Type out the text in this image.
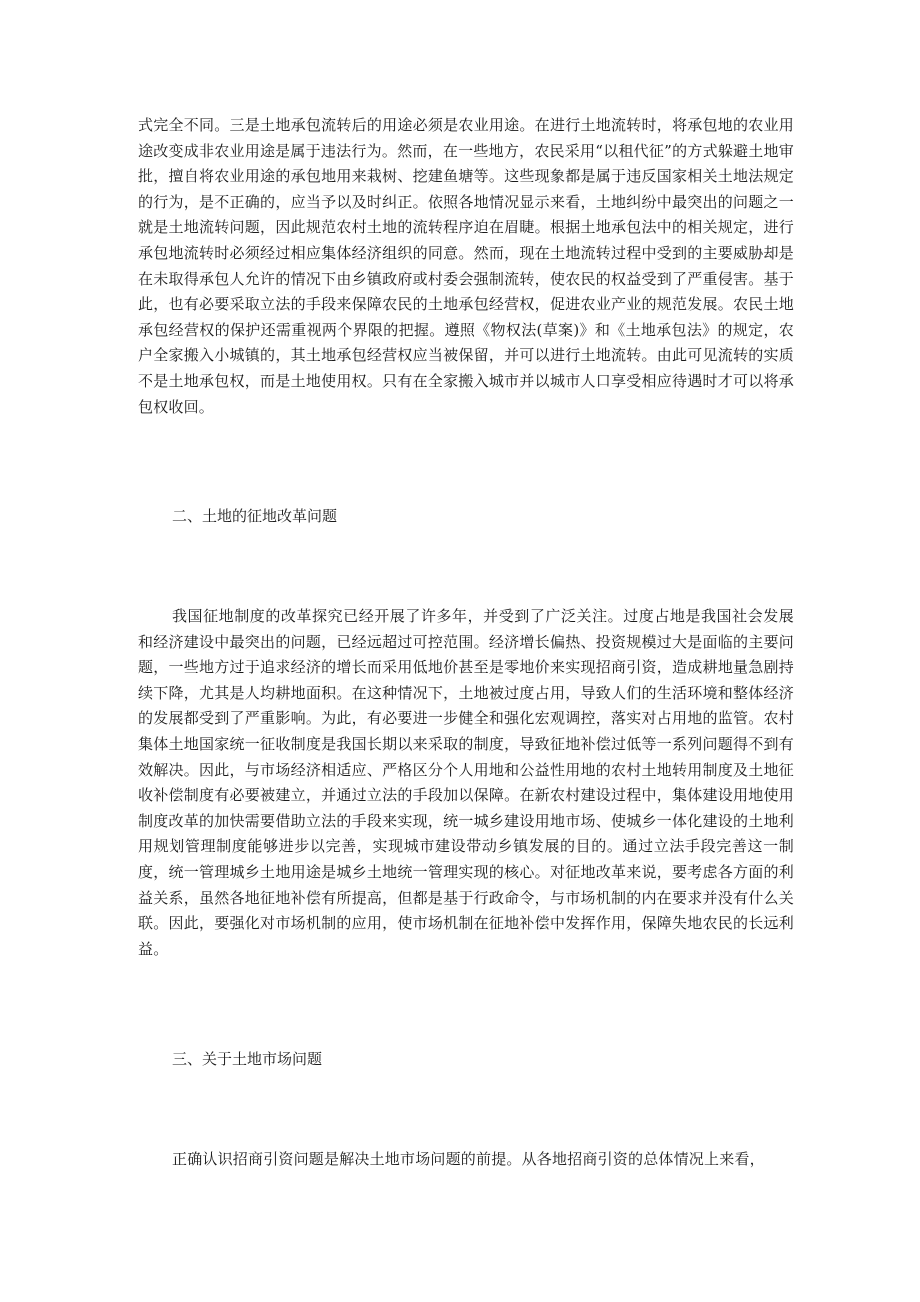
式完全不同。三是土地承包流转后的用途必须是农业用途。在进行土地流转时，将承包地的农业用途改变成非农业用途是属于违法行为。然而，在一些地方，农民采用“以租代征”的方式躲避土地审批，擅自将农业用途的承包地用来栽树、挖建鱼塘等。这些现象都是属于违反国家相关土地法规定的行为，是不正确的，应当予以及时纠正。依照各地情况显示来看，土地纠纷中最突出的问题之一就是土地流转问题，因此规范农村土地的流转程序迫在眉睫。根据土地承包法中的相关规定，进行承包地流转时必须经过相应集体经济组织的同意。然而，现在土地流转过程中受到的主要威胁却是在未取得承包人允许的情况下由乡镇政府或村委会强制流转，使农民的权益受到了严重侵害。基于此，也有必要采取立法的手段来保障农民的土地承包经营权，促进农业产业的规范发展。农民土地承包经营权的保护还需重视两个界限的把握。遵照《物权法(草案)》和《土地承包法》的规定，农户全家搬入小城镇的，其土地承包经营权应当被保留，并可以进行土地流转。由此可见流转的实质不是土地承包权，而是土地使用权。只有在全家搬入城市并以城市人口享受相应待遇时才可以将承包权收回。

二、土地的征地改革问题

我国征地制度的改革探究已经开展了许多年，并受到了广泛关注。过度占地是我国社会发展和经济建设中最突出的问题，已经远超过可控范围。经济增长偏热、投资规模过大是面临的主要问题，一些地方过于追求经济的增长而采用低地价甚至是零地价来实现招商引资，造成耕地量急剧持续下降，尤其是人均耕地面积。在这种情况下，土地被过度占用，导致人们的生活环境和整体经济的发展都受到了严重影响。为此，有必要进一步健全和强化宏观调控，落实对占用地的监管。农村集体土地国家统一征收制度是我国长期以来采取的制度，导致征地补偿过低等一系列问题得不到有效解决。因此，与市场经济相适应、严格区分个人用地和公益性用地的农村土地转用制度及土地征收补偿制度有必要被建立，并通过立法的手段加以保障。在新农村建设过程中，集体建设用地使用制度改革的加快需要借助立法的手段来实现，统一城乡建设用地市场、使城乡一体化建设的土地利用规划管理制度能够进步以完善，实现城市建设带动乡镇发展的目的。通过立法手段完善这一制度，统一管理城乡土地用途是城乡土地统一管理实现的核心。对征地改革来说，要考虑各方面的利益关系，虽然各地征地补偿有所提高，但都是基于行政命令，与市场机制的内在要求并没有什么关联。因此，要强化对市场机制的应用，使市场机制在征地补偿中发挥作用，保障失地农民的长远利益。

三、关于土地市场问题

正确认识招商引资问题是解决土地市场问题的前提。从各地招商引资的总体情况上来看，
